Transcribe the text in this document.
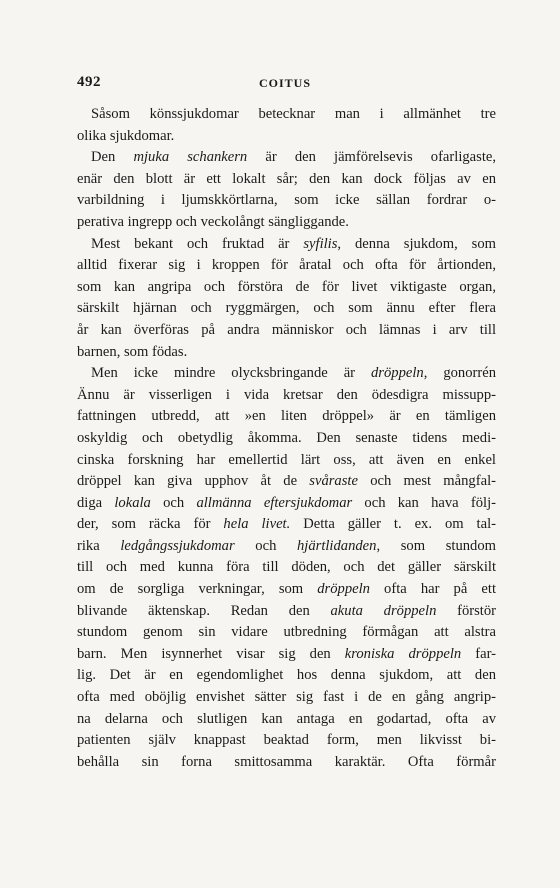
492	COITUS
Såsom könssjukdomar betecknar man i allmänhet tre
olika sjukdomar.
Den mjuka schankern är den jämförelsevis ofarligaste,
enär den blott är ett lokalt sår; den kan dock följas av en
varbildning i ljumskkörtlarna, som icke sällan fordrar o-
perativa ingrepp och veckolångt sängliggande.
Mest bekant och fruktad är syfilis, denna sjukdom, som
alltid fixerar sig i kroppen för åratal och ofta för årtionden,
som kan angripa och förstöra de för livet viktigaste organ,
särskilt hjärnan och ryggmärgen, och som ännu efter flera
år kan överföras på andra människor och lämnas i arv till
barnen, som födas.
Men icke mindre olycksbringande är dröppeln, gonorrén
Ännu är visserligen i vida kretsar den ödesdigra missupp-
fattningen utbredd, att »en liten dröppel» är en tämligen
oskyldig och obetydlig åkomma. Den senaste tidens medi-
cinska forskning har emellertid lärt oss, att även en enkel
dröppel kan giva upphov åt de svåraste och mest mångfal-
diga lokala och allmänna eftersjukdomar och kan hava följ-
der, som räcka för hela livet. Detta gäller t. ex. om tal-
rika ledgångssjukdomar och hjärtlidanden, som stundom
till och med kunna föra till döden, och det gäller särskilt
om de sorgliga verkningar, som dröppeln ofta har på ett
blivande äktenskap. Redan den akuta dröppeln förstör
stundom genom sin vidare utbredning förmågan att alstra
barn. Men isynnerhet visar sig den kroniska dröppeln far-
lig. Det är en egendomlighet hos denna sjukdom, att den
ofta med oböjlig envishet sätter sig fast i de en gång angrip-
na delarna och slutligen kan antaga en godartad, ofta av
patienten själv knappast beaktad form, men likvisst bi-
behålla sin forna smittosamma karaktär. Ofta förmår
